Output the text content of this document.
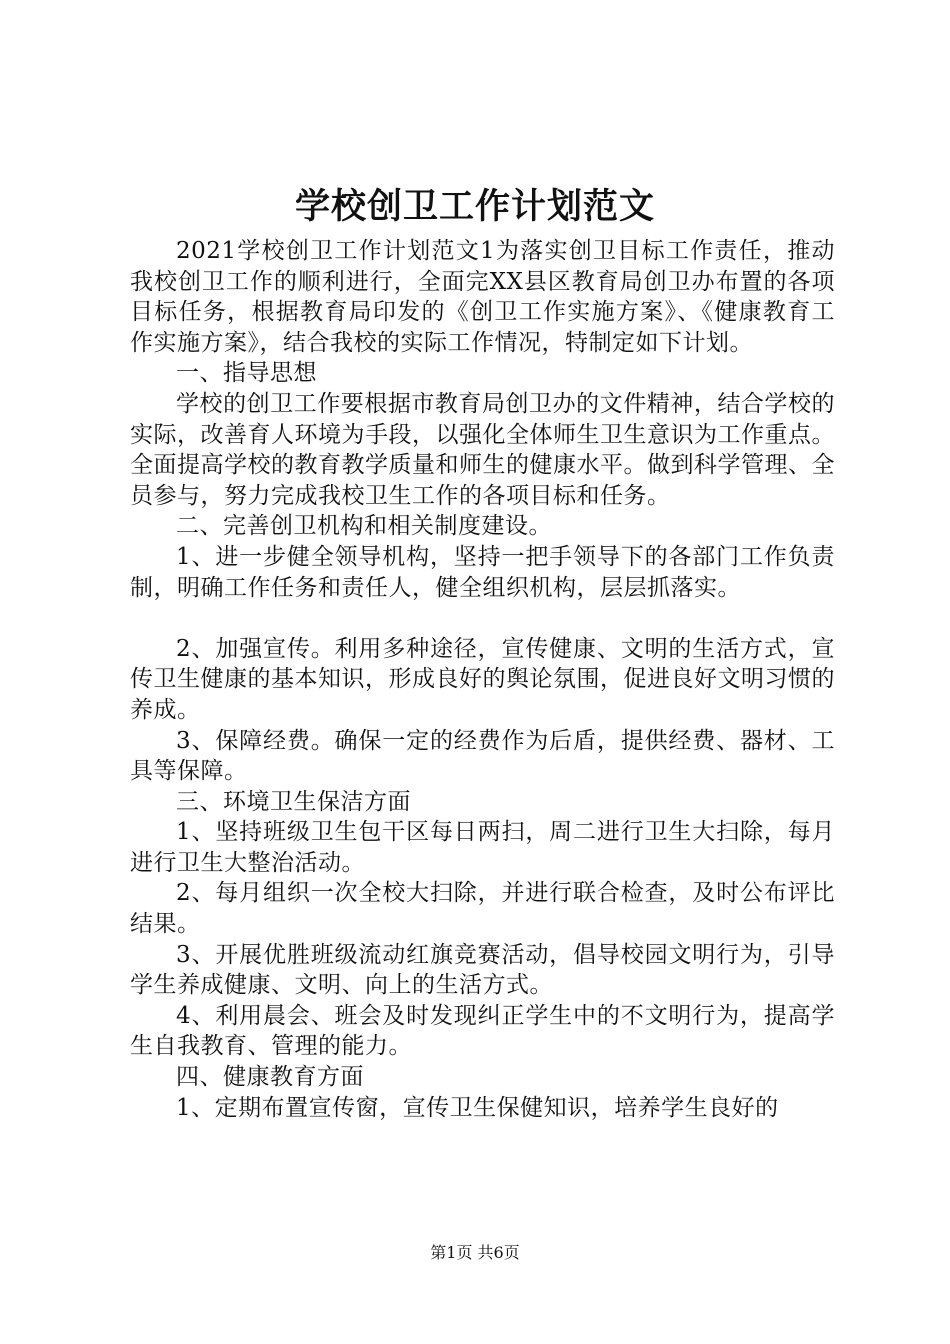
学校创卫工作计划范文

2021学校创卫工作计划范文1为落实创卫目标工作责任，推动我校创卫工作的顺利进行，全面完XX县区教育局创卫办布置的各项目标任务，根据教育局印发的《创卫工作实施方案》、《健康教育工作实施方案》，结合我校的实际工作情况，特制定如下计划。

一、指导思想

学校的创卫工作要根据市教育局创卫办的文件精神，结合学校的实际，改善育人环境为手段，以强化全体师生卫生意识为工作重点。全面提高学校的教育教学质量和师生的健康水平。做到科学管理、全员参与，努力完成我校卫生工作的各项目标和任务。

二、完善创卫机构和相关制度建设。

1、进一步健全领导机构，坚持一把手领导下的各部门工作负责制，明确工作任务和责任人，健全组织机构，层层抓落实。

2、加强宣传。利用多种途径，宣传健康、文明的生活方式，宣传卫生健康的基本知识，形成良好的舆论氛围，促进良好文明习惯的养成。

3、保障经费。确保一定的经费作为后盾，提供经费、器材、工具等保障。

三、环境卫生保洁方面

1、坚持班级卫生包干区每日两扫，周二进行卫生大扫除，每月进行卫生大整治活动。

2、每月组织一次全校大扫除，并进行联合检查，及时公布评比结果。

3、开展优胜班级流动红旗竞赛活动，倡导校园文明行为，引导学生养成健康、文明、向上的生活方式。

4、利用晨会、班会及时发现纠正学生中的不文明行为，提高学生自我教育、管理的能力。

四、健康教育方面

1、定期布置宣传窗，宣传卫生保健知识，培养学生良好的

第1页 共6页
